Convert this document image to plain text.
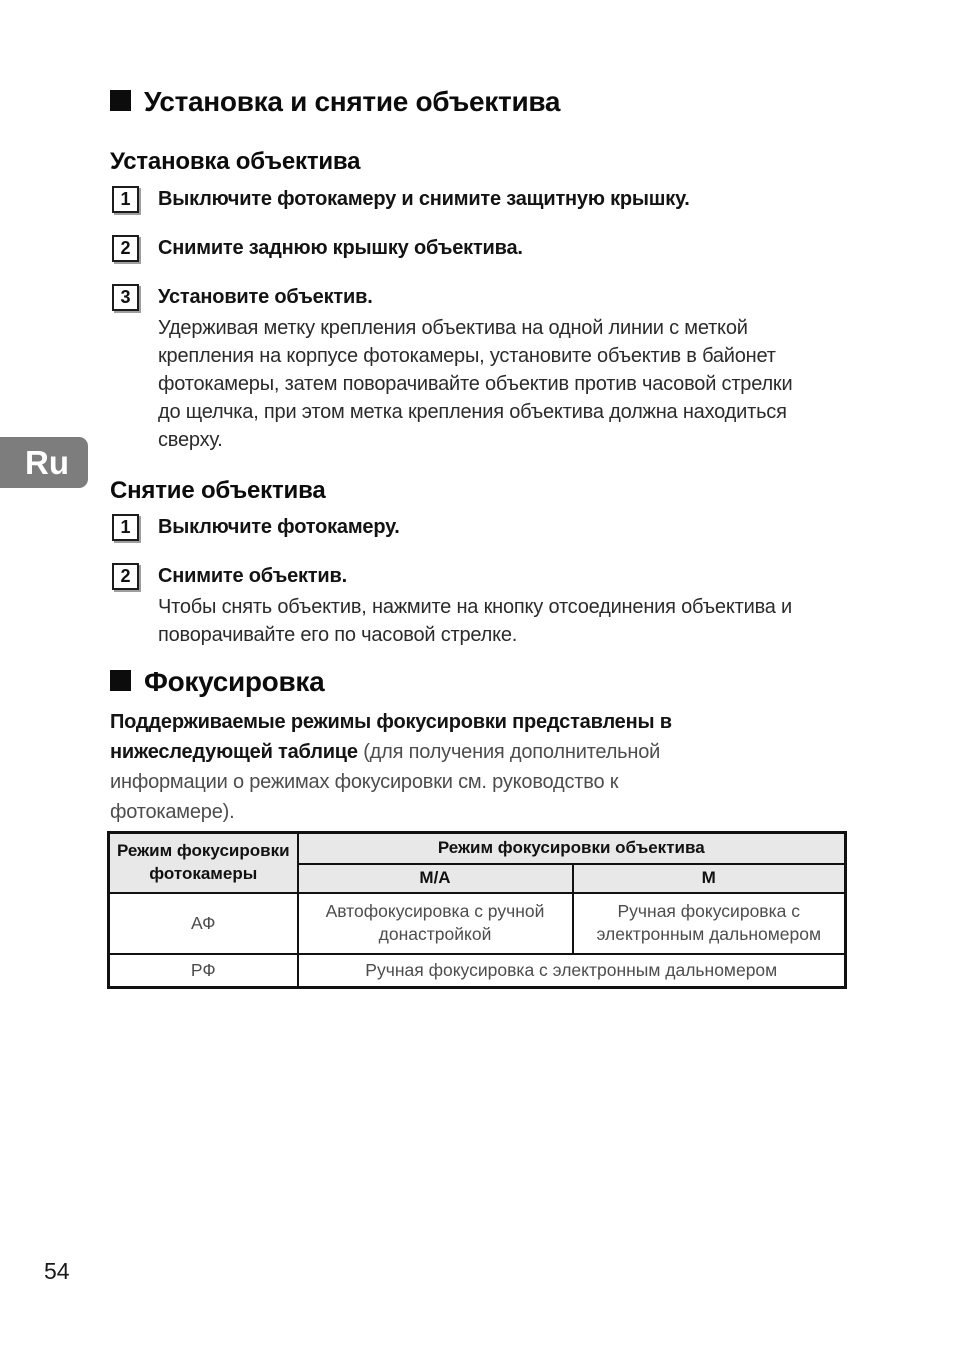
Ru
Установка и снятие объектива
Установка объектива
1	Выключите фотокамеру и снимите защитную крышку.
2	Снимите заднюю крышку объектива.
3	Установите объектив.
Удерживая метку крепления объектива на одной линии с меткой крепления на корпусе фотокамеры, установите объектив в байонет фотокамеры, затем поворачивайте объектив против часовой стрелки до щелчка, при этом метка крепления объектива должна находиться сверху.
Снятие объектива
1	Выключите фотокамеру.
2	Снимите объектив.
Чтобы снять объектив, нажмите на кнопку отсоединения объектива и поворачивайте его по часовой стрелке.
Фокусировка

Поддерживаемые режимы фокусировки представлены в нижеследующей таблице (для получения дополнительной информации о режимах фокусировки см. руководство к фотокамере).

Режим фокусировки фотокамеры	Режим фокусировки объектива	
	M/A	M
АФ	Автофокусировка с ручной донастройкой	Ручная фокусировка с электронным дальномером
РФ	Ручная фокусировка с электронным дальномером	
54
